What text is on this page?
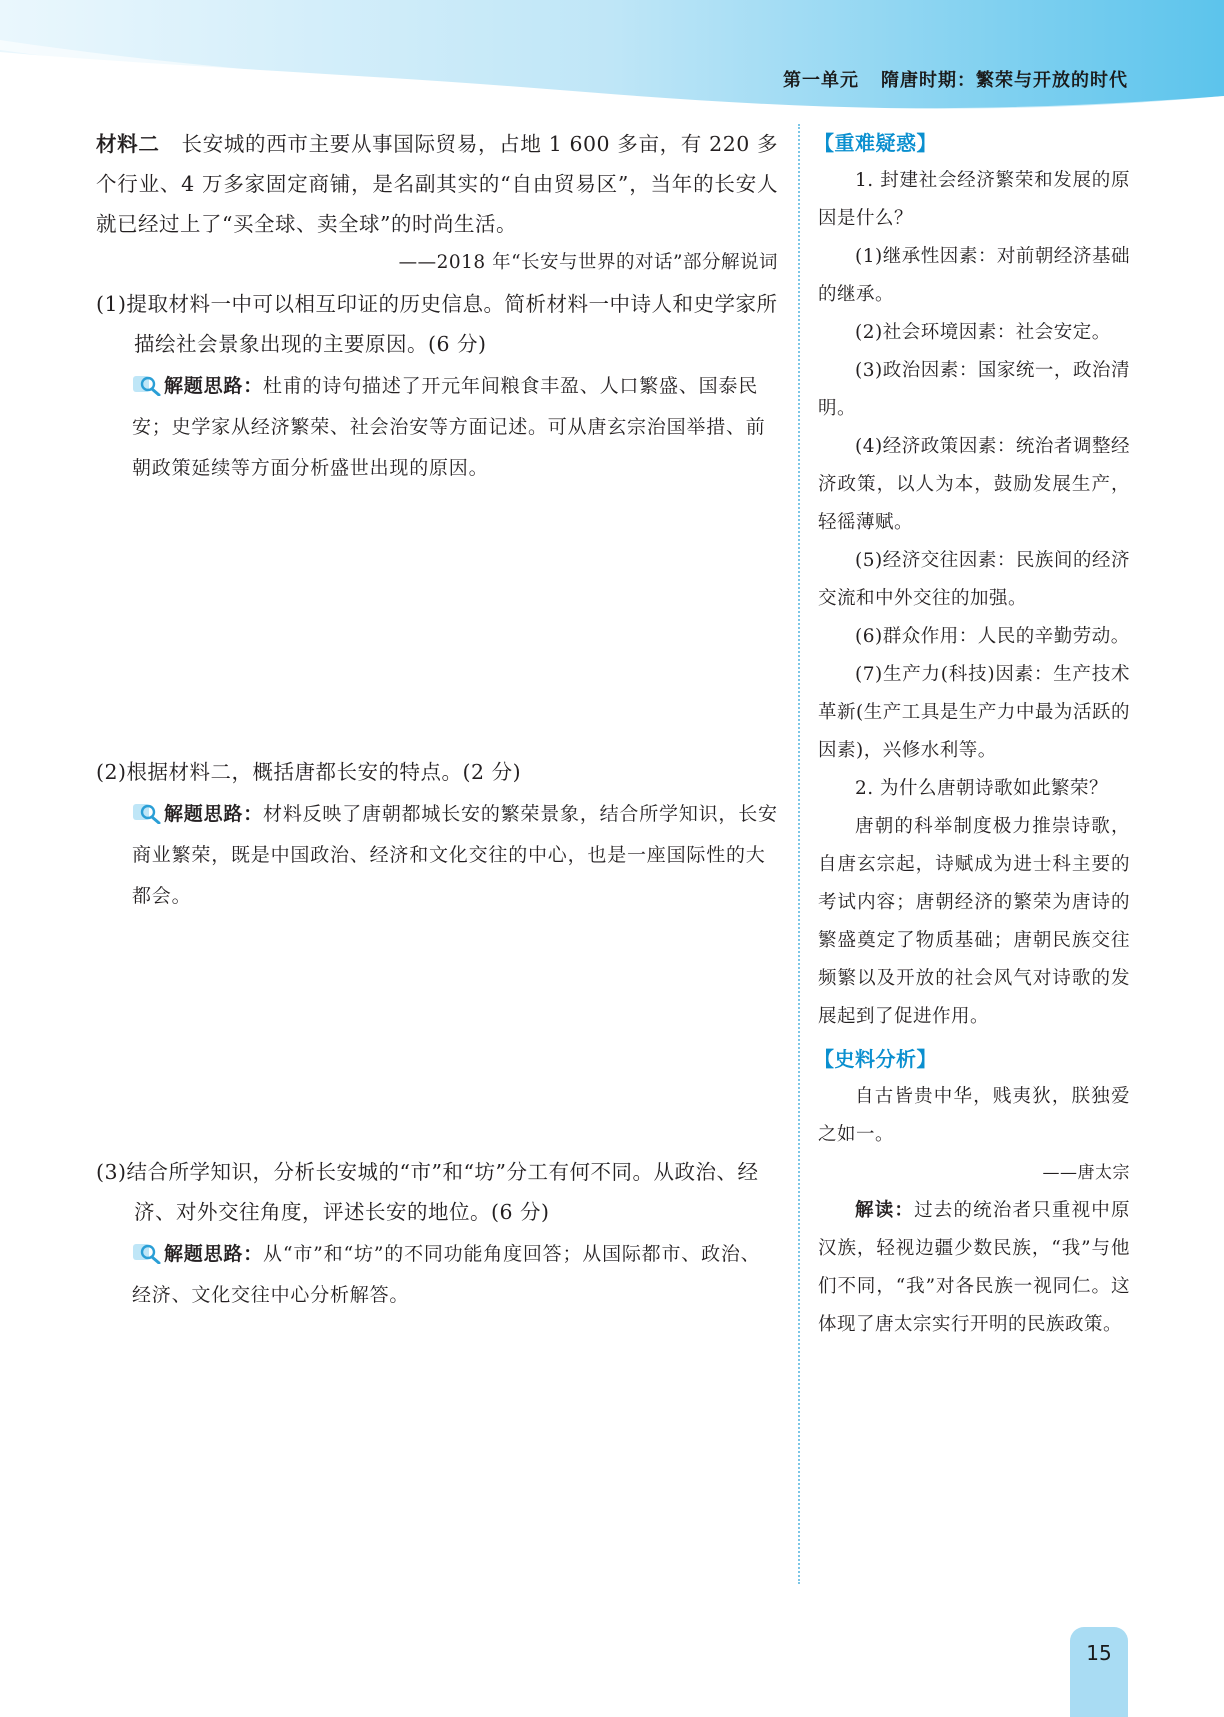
第一单元 隋唐时期：繁荣与开放的时代

材料二 长安城的西市主要从事国际贸易，占地 1 600 多亩，有 220 多个行业、4 万多家固定商铺，是名副其实的“自由贸易区”，当年的长安人就已经过上了“买全球、卖全球”的时尚生活。

——2018 年“长安与世界的对话”部分解说词

(1)提取材料一中可以相互印证的历史信息。简析材料一中诗人和史学家所描绘社会景象出现的主要原因。(6 分)

解题思路：杜甫的诗句描述了开元年间粮食丰盈、人口繁盛、国泰民安；史学家从经济繁荣、社会治安等方面记述。可从唐玄宗治国举措、前朝政策延续等方面分析盛世出现的原因。

(2)根据材料二，概括唐都长安的特点。(2 分)

解题思路：材料反映了唐朝都城长安的繁荣景象，结合所学知识，长安商业繁荣，既是中国政治、经济和文化交往的中心，也是一座国际性的大都会。

(3)结合所学知识，分析长安城的“市”和“坊”分工有何不同。从政治、经济、对外交往角度，评述长安的地位。(6 分)

解题思路：从“市”和“坊”的不同功能角度回答；从国际都市、政治、经济、文化交往中心分析解答。

【重难疑惑】

1. 封建社会经济繁荣和发展的原因是什么？

(1)继承性因素：对前朝经济基础的继承。

(2)社会环境因素：社会安定。

(3)政治因素：国家统一，政治清明。

(4)经济政策因素：统治者调整经济政策，以人为本，鼓励发展生产，轻徭薄赋。

(5)经济交往因素：民族间的经济交流和中外交往的加强。

(6)群众作用：人民的辛勤劳动。

(7)生产力(科技)因素：生产技术革新(生产工具是生产力中最为活跃的因素)，兴修水利等。

2. 为什么唐朝诗歌如此繁荣？

唐朝的科举制度极力推崇诗歌，自唐玄宗起，诗赋成为进士科主要的考试内容；唐朝经济的繁荣为唐诗的繁盛奠定了物质基础；唐朝民族交往频繁以及开放的社会风气对诗歌的发展起到了促进作用。

【史料分析】

自古皆贵中华，贱夷狄，朕独爱之如一。

——唐太宗

解读：过去的统治者只重视中原汉族，轻视边疆少数民族，“我”与他们不同，“我”对各民族一视同仁。这体现了唐太宗实行开明的民族政策。

15
